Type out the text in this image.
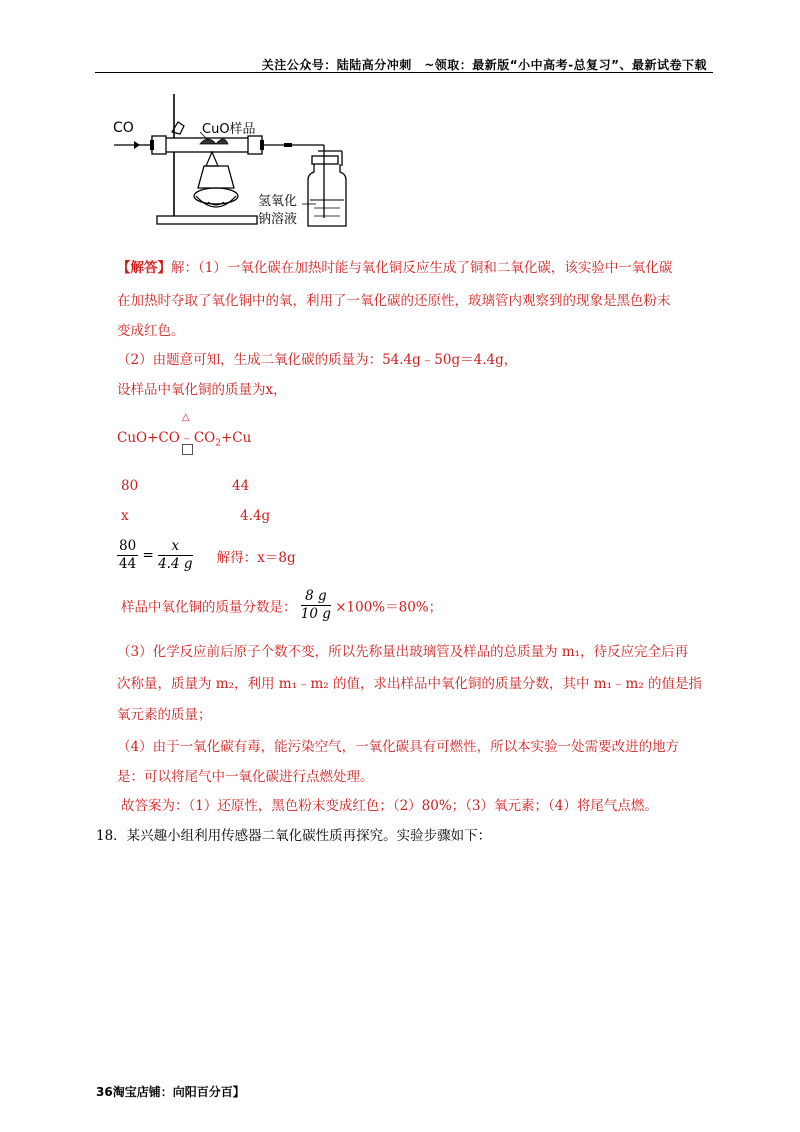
关注公众号：陆陆高分冲刺　~领取：最新版“小中高考-总复习”、最新试卷下载
CO	CuO样品
氢氧化
钠溶液
【解答】解：（1）一氧化碳在加热时能与氧化铜反应生成了铜和二氧化碳，该实验中一氧化碳
在加热时夺取了氧化铜中的氧，利用了一氧化碳的还原性，玻璃管内观察到的现象是黑色粉末
变成红色。
（2）由题意可知，生成二氧化碳的质量为：54.4g﹣50g＝4.4g，
设样品中氧化铜的质量为x，
CuO+CO
△
﹣
$CO_2+Cu$
80	44
x	4.4g
$\frac{80}{44} = \frac{x}{4.4 g}$ 解得：x＝8g
样品中氧化铜的质量分数是： $\frac{8 g}{10 g} \times 100\%=80\%$；
（3）化学反应前后原子个数不变，所以先称量出玻璃管及样品的总质量为 m₁，待反应完全后再
次称量，质量为 m₂，利用 m₁﹣m₂ 的值，求出样品中氧化铜的质量分数，其中 m₁﹣m₂ 的值是指
氧元素的质量；
（4）由于一氧化碳有毒，能污染空气，一氧化碳具有可燃性，所以本实验一处需要改进的地方
是：可以将尾气中一氧化碳进行点燃处理。
故答案为：（1）还原性，黑色粉末变成红色；（2）80%；（3）氧元素；（4）将尾气点燃。
18．某兴趣小组利用传感器二氧化碳性质再探究。实验步骤如下：
36淘宝店铺：向阳百分百】
